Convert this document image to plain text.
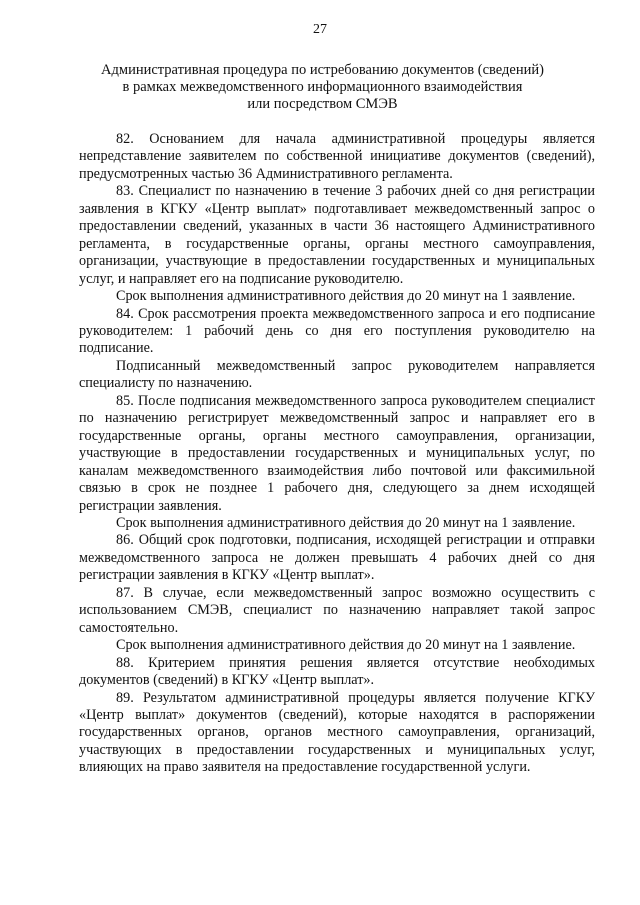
27
Административная процедура по истребованию документов (сведений)
в рамках межведомственного информационного взаимодействия
или посредством СМЭВ

82. Основанием для начала административной процедуры является непредставление заявителем по собственной инициативе документов (сведений), предусмотренных частью 36 Административного регламента.

83. Специалист по назначению в течение 3 рабочих дней со дня регистрации заявления в КГКУ «Центр выплат» подготавливает межведомственный запрос о предоставлении сведений, указанных в части 36 настоящего Административного регламента, в государственные органы, органы местного самоуправления, организации, участвующие в предоставлении государственных и муниципальных услуг, и направляет его на подписание руководителю.

Срок выполнения административного действия до 20 минут на 1 заявление.

84. Срок рассмотрения проекта межведомственного запроса и его подписание руководителем: 1 рабочий день со дня его поступления руководителю на подписание.

Подписанный межведомственный запрос руководителем направляется специалисту по назначению.

85. После подписания межведомственного запроса руководителем специалист по назначению регистрирует межведомственный запрос и направляет его в государственные органы, органы местного самоуправления, организации, участвующие в предоставлении государственных и муниципальных услуг, по каналам межведомственного взаимодействия либо почтовой или факсимильной связью в срок не позднее 1 рабочего дня, следующего за днем исходящей регистрации заявления.

Срок выполнения административного действия до 20 минут на 1 заявление.

86. Общий срок подготовки, подписания, исходящей регистрации и отправки межведомственного запроса не должен превышать 4 рабочих дней со дня регистрации заявления в КГКУ «Центр выплат».

87. В случае, если межведомственный запрос возможно осуществить с использованием СМЭВ, специалист по назначению направляет такой запрос самостоятельно.

Срок выполнения административного действия до 20 минут на 1 заявление.

88. Критерием принятия решения является отсутствие необходимых документов (сведений) в КГКУ «Центр выплат».

89. Результатом административной процедуры является получение КГКУ «Центр выплат» документов (сведений), которые находятся в распоряжении государственных органов, органов местного самоуправления, организаций, участвующих в предоставлении государственных и муниципальных услуг, влияющих на право заявителя на предоставление государственной услуги.
